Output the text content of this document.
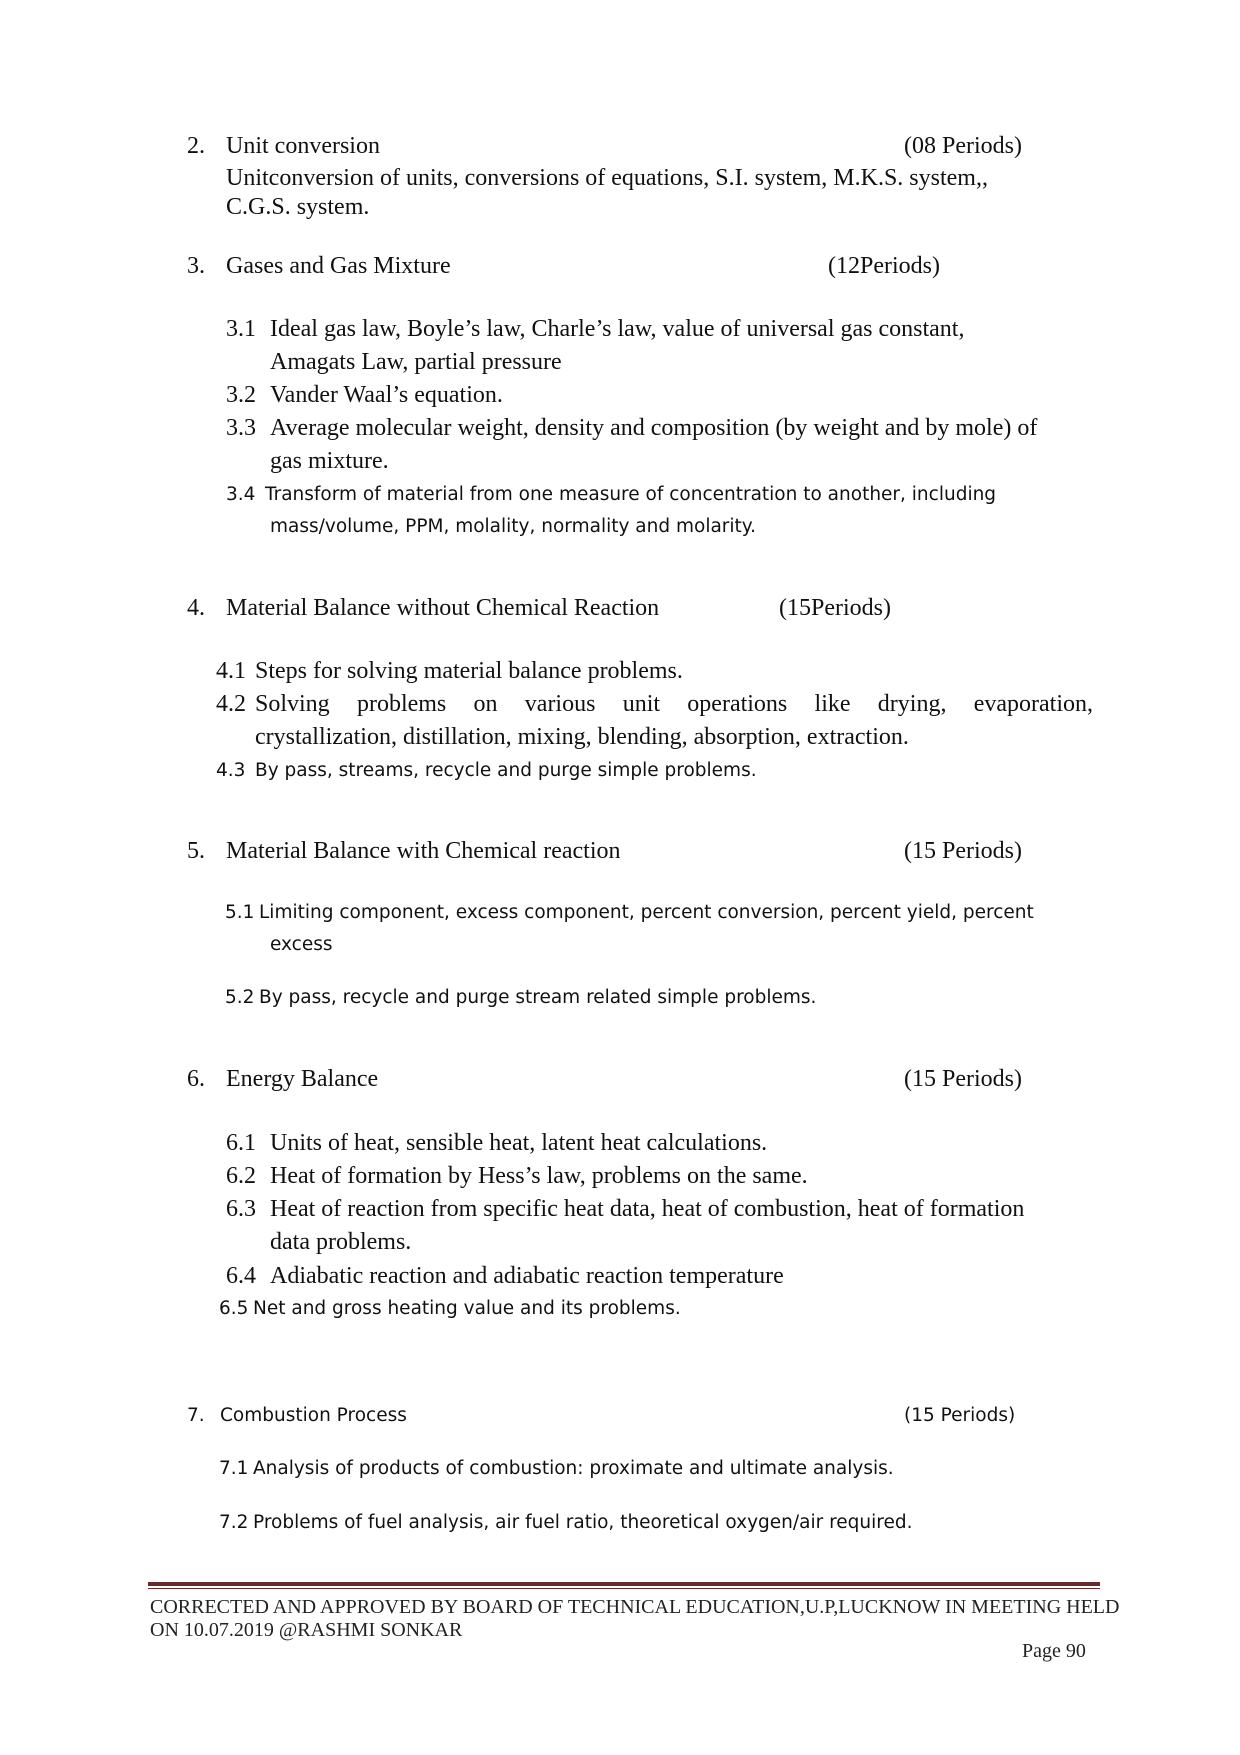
2. Unit conversion	(08 Periods)
Unitconversion of units, conversions of equations, S.I. system, M.K.S. system,,
C.G.S. system.
3. Gases and Gas Mixture	(12Periods)
3.1 Ideal gas law, Boyle’s law, Charle’s law, value of universal gas constant,
Amagats Law, partial pressure
3.2 Vander Waal’s equation.
3.3 Average molecular weight, density and composition (by weight and by mole) of
gas mixture.
3.4 Transform of material from one measure of concentration to another, including
mass/volume, PPM, molality, normality and molarity.
4. Material Balance without Chemical Reaction	(15Periods)
4.1 Steps for solving material balance problems.
4.2 Solving problems on various unit operations like drying, evaporation,
crystallization, distillation, mixing, blending, absorption, extraction.
4.3 By pass, streams, recycle and purge simple problems.
5. Material Balance with Chemical reaction	(15 Periods)
5.1 Limiting component, excess component, percent conversion, percent yield, percent
excess
5.2 By pass, recycle and purge stream related simple problems.
6. Energy Balance	(15 Periods)
6.1 Units of heat, sensible heat, latent heat calculations.
6.2 Heat of formation by Hess’s law, problems on the same.
6.3 Heat of reaction from specific heat data, heat of combustion, heat of formation
data problems.
6.4 Adiabatic reaction and adiabatic reaction temperature
6.5 Net and gross heating value and its problems.
7. Combustion Process	(15 Periods)
7.1 Analysis of products of combustion: proximate and ultimate analysis.
7.2 Problems of fuel analysis, air fuel ratio, theoretical oxygen/air required.
CORRECTED AND APPROVED BY BOARD OF TECHNICAL EDUCATION,U.P,LUCKNOW IN MEETING HELD
ON 10.07.2019 @RASHMI SONKAR
Page 90
